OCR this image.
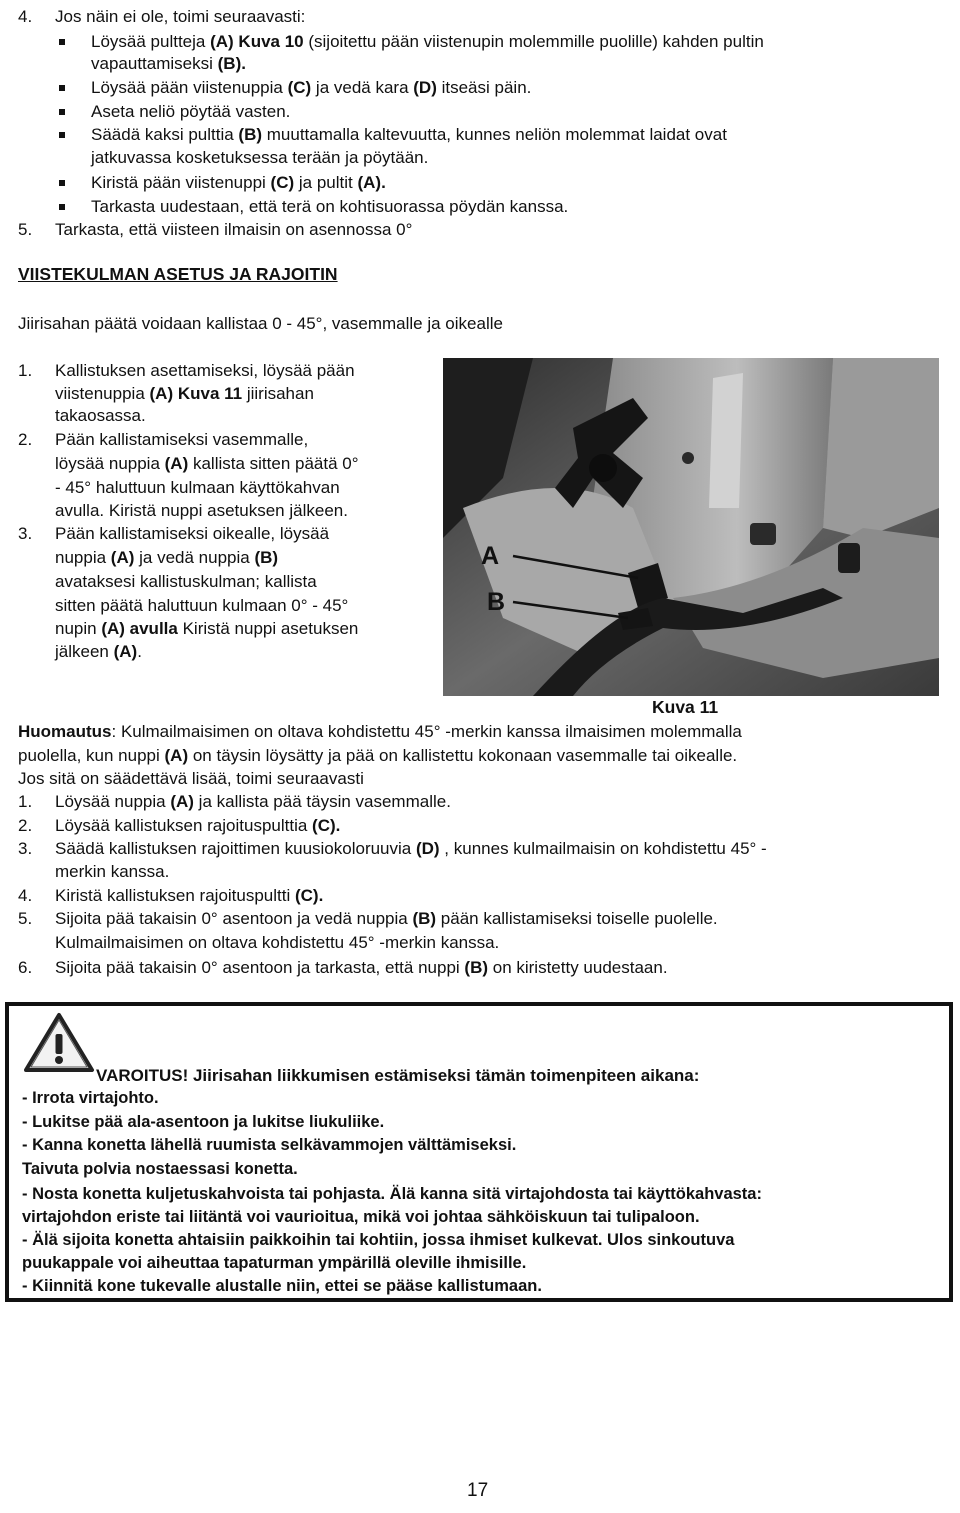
4. Jos näin ei ole, toimi seuraavasti:
Löysää pultteja (A) Kuva 10 (sijoitettu pään viistenupin molemmille puolille) kahden pultin
vapauttamiseksi (B).
Löysää pään viistenuppia (C) ja vedä kara (D) itseäsi päin.
Aseta neliö pöytää vasten.
Säädä kaksi pulttia (B) muuttamalla kaltevuutta, kunnes neliön molemmat laidat ovat
jatkuvassa kosketuksessa terään ja pöytään.
Kiristä pään viistenuppi (C) ja pultit (A).
Tarkasta uudestaan, että terä on kohtisuorassa pöydän kanssa.
5. Tarkasta, että viisteen ilmaisin on asennossa 0°
VIISTEKULMAN ASETUS JA RAJOITIN
Jiirisahan päätä voidaan kallistaa 0 - 45°, vasemmalle ja oikealle
1. Kallistuksen asettamiseksi, löysää pään
viistenuppia (A) Kuva 11 jiirisahan
takaosassa.
2. Pään kallistamiseksi vasemmalle,
löysää nuppia (A) kallista sitten päätä 0°
- 45° haluttuun kulmaan käyttökahvan
avulla. Kiristä nuppi asetuksen jälkeen.
3. Pään kallistamiseksi oikealle, löysää
nuppia (A) ja vedä nuppia (B)
avataksesi kallistuskulman; kallista
sitten päätä haluttuun kulmaan 0° - 45°
nupin (A) avulla Kiristä nuppi asetuksen
jälkeen (A).
A
B
Kuva 11
Huomautus: Kulmailmaisimen on oltava kohdistettu 45° -merkin kanssa ilmaisimen molemmalla
puolella, kun nuppi (A) on täysin löysätty ja pää on kallistettu kokonaan vasemmalle tai oikealle.
Jos sitä on säädettävä lisää, toimi seuraavasti
1. Löysää nuppia (A) ja kallista pää täysin vasemmalle.
2. Löysää kallistuksen rajoituspulttia (C).
3. Säädä kallistuksen rajoittimen kuusiokoloruuvia (D) , kunnes kulmailmaisin on kohdistettu 45° -
merkin kanssa.
4. Kiristä kallistuksen rajoituspultti (C).
5. Sijoita pää takaisin 0° asentoon ja vedä nuppia (B) pään kallistamiseksi toiselle puolelle.
Kulmailmaisimen on oltava kohdistettu 45° -merkin kanssa.
6. Sijoita pää takaisin 0° asentoon ja tarkasta, että nuppi (B) on kiristetty uudestaan.
VAROITUS! Jiirisahan liikkumisen estämiseksi tämän toimenpiteen aikana:
- Irrota virtajohto.
- Lukitse pää ala-asentoon ja lukitse liukuliike.
- Kanna konetta lähellä ruumista selkävammojen välttämiseksi.
Taivuta polvia nostaessasi konetta.
- Nosta konetta kuljetuskahvoista tai pohjasta. Älä kanna sitä virtajohdosta tai käyttökahvasta:
virtajohdon eriste tai liitäntä voi vaurioitua, mikä voi johtaa sähköiskuun tai tulipaloon.
- Älä sijoita konetta ahtaisiin paikkoihin tai kohtiin, jossa ihmiset kulkevat. Ulos sinkoutuva
puukappale voi aiheuttaa tapaturman ympärillä oleville ihmisille.
- Kiinnitä kone tukevalle alustalle niin, ettei se pääse kallistumaan.
17
